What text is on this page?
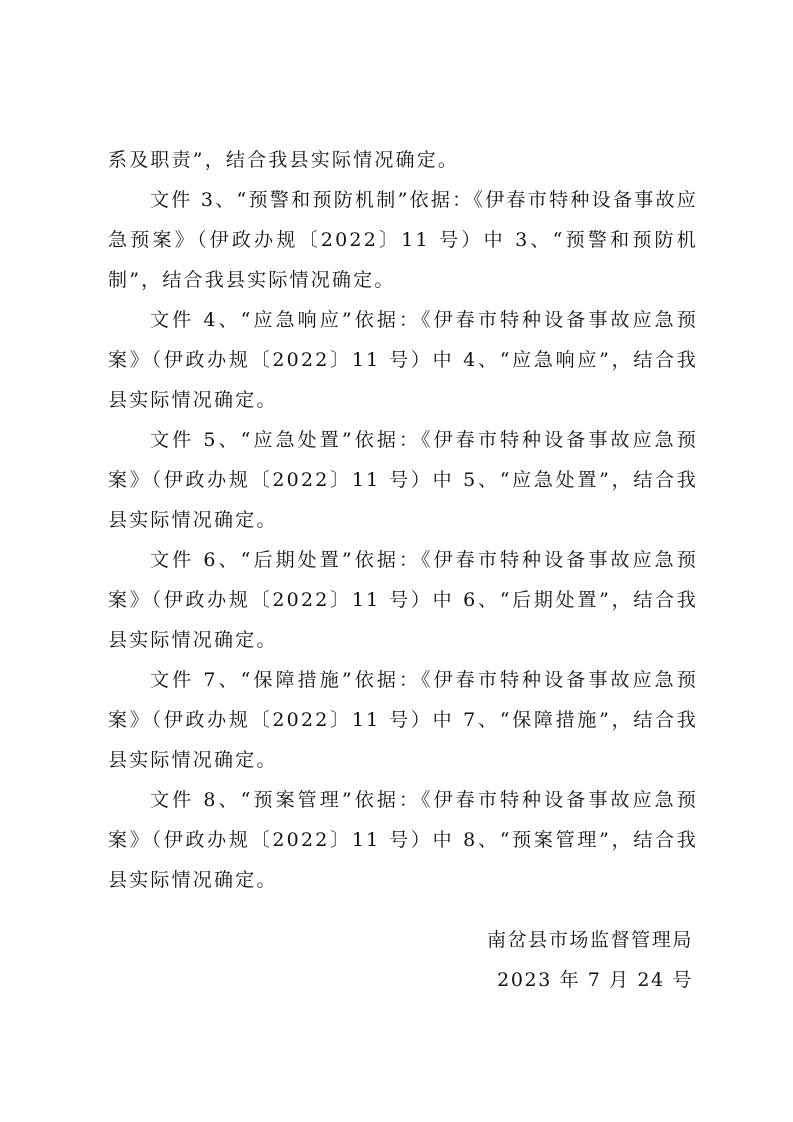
系及职责”，结合我县实际情况确定。

文件 3、“预警和预防机制”依据：《伊春市特种设备事故应急预案》（伊政办规〔2022〕11 号）中 3、“预警和预防机制”，结合我县实际情况确定。

文件 4、“应急响应”依据：《伊春市特种设备事故应急预案》（伊政办规〔2022〕11 号）中 4、“应急响应”，结合我县实际情况确定。

文件 5、“应急处置”依据：《伊春市特种设备事故应急预案》（伊政办规〔2022〕11 号）中 5、“应急处置”，结合我县实际情况确定。

文件 6、“后期处置”依据：《伊春市特种设备事故应急预案》（伊政办规〔2022〕11 号）中 6、“后期处置”，结合我县实际情况确定。

文件 7、“保障措施”依据：《伊春市特种设备事故应急预案》（伊政办规〔2022〕11 号）中 7、“保障措施”，结合我县实际情况确定。

文件 8、“预案管理”依据：《伊春市特种设备事故应急预案》（伊政办规〔2022〕11 号）中 8、“预案管理”，结合我县实际情况确定。

南岔县市场监督管理局
2023 年 7 月 24 号
